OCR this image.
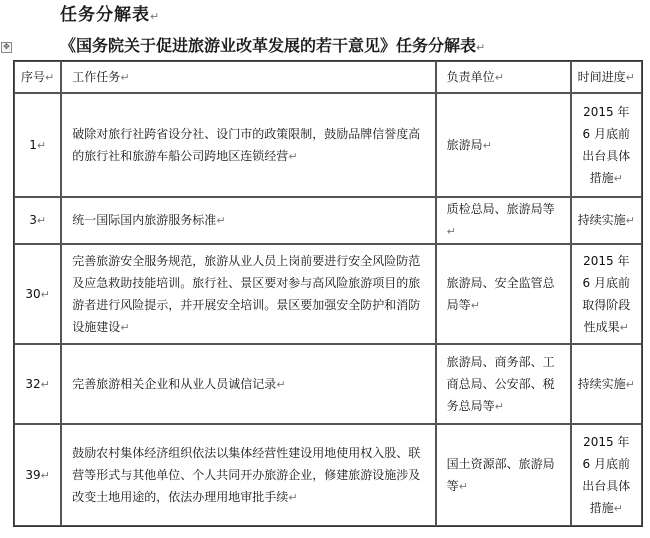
任务分解表↵
✥	《国务院关于促进旅游业改革发展的若干意见》任务分解表↵
序号↵	工作任务↵	负责单位↵	时间进度↵
1↵	破除对旅行社跨省设分社、设门市的政策限制，鼓励品牌信誉度高的旅行社和旅游车船公司跨地区连锁经营↵	旅游局↵	2015 年 6 月底前出台具体措施↵
3↵	统一国际国内旅游服务标准↵	质检总局、旅游局等↵	持续实施↵
30↵	完善旅游安全服务规范，旅游从业人员上岗前要进行安全风险防范及应急救助技能培训。旅行社、景区要对参与高风险旅游项目的旅游者进行风险提示，并开展安全培训。景区要加强安全防护和消防设施建设↵	旅游局、安全监管总局等↵	2015 年 6 月底前取得阶段性成果↵
32↵	完善旅游相关企业和从业人员诚信记录↵	旅游局、商务部、工商总局、公安部、税务总局等↵	持续实施↵
39↵	鼓励农村集体经济组织依法以集体经营性建设用地使用权入股、联营等形式与其他单位、个人共同开办旅游企业，修建旅游设施涉及改变土地用途的，依法办理用地审批手续↵	国土资源部、旅游局等↵	2015 年 6 月底前出台具体措施↵
